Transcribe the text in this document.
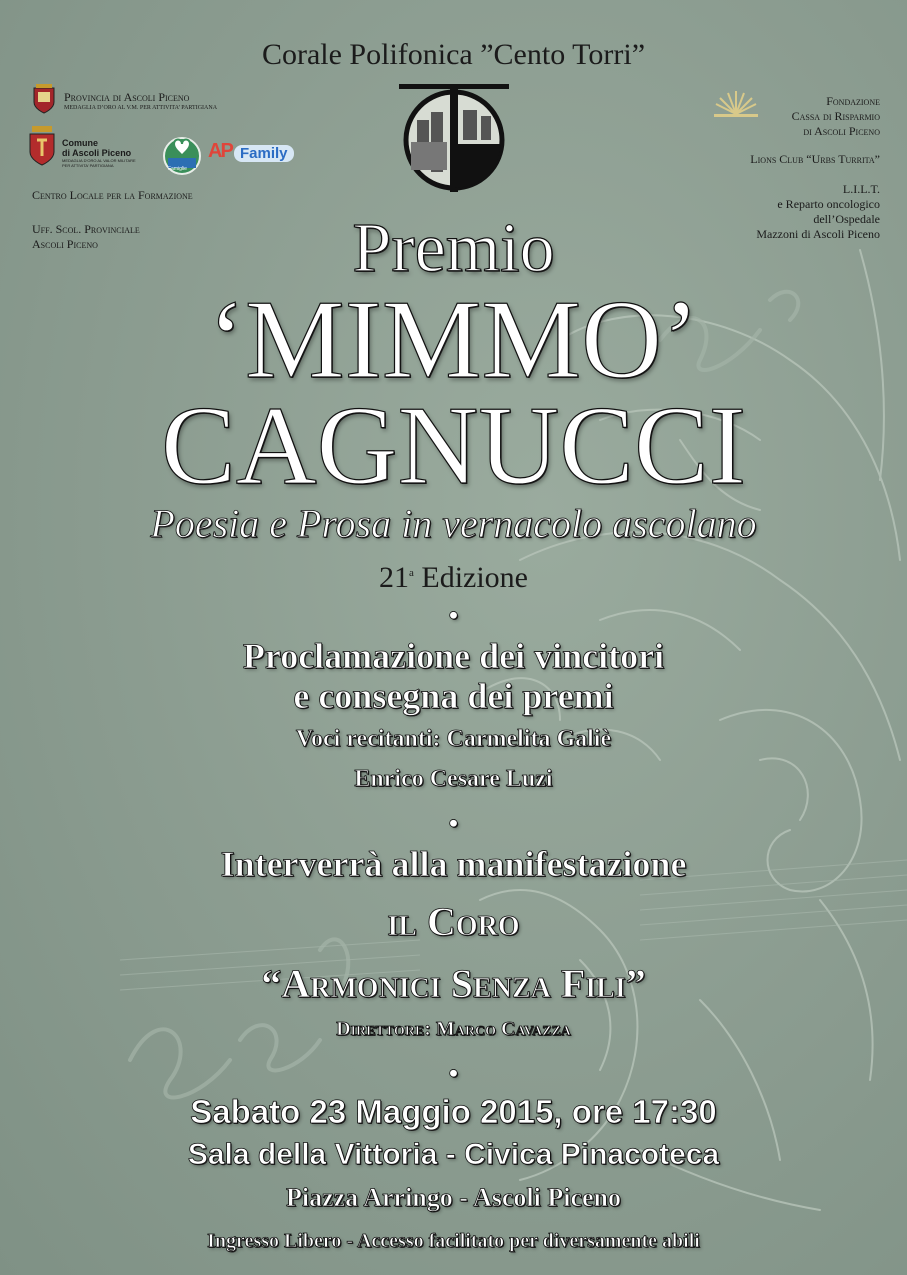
Corale Polifonica ”Cento Torri”
Provincia di Ascoli Piceno
MEDAGLIA D’ORO AL V.M. PER ATTIVITA’ PARTIGIANA
Comune
di Ascoli Piceno
MEDAGLIA D’ORO AL VALOR MILITARE PER ATTIVITA’ PARTIGIANA
Famiglie
AP Family
Centro Locale per la Formazione
Uff. Scol. Provinciale
Ascoli Piceno
Fondazione
Cassa di Risparmio
di Ascoli Piceno
Lions Club “Urbs Turrita”
L.I.L.T.
e Reparto oncologico
dell’Ospedale
Mazzoni di Ascoli Piceno
Premio
‘MIMMO’
CAGNUCCI
Poesia e Prosa in vernacolo ascolano
21$^a$ Edizione
•
Proclamazione dei vincitori
e consegna dei premi
Voci recitanti: Carmelita Galiè
Enrico Cesare Luzi
•
Interverrà alla manifestazione
il Coro
“Armonici Senza Fili”
Direttore: Marco Cavazza
•
Sabato 23 Maggio 2015, ore 17:30
Sala della Vittoria - Civica Pinacoteca
Piazza Arringo - Ascoli Piceno
Ingresso Libero - Accesso facilitato per diversamente abili
